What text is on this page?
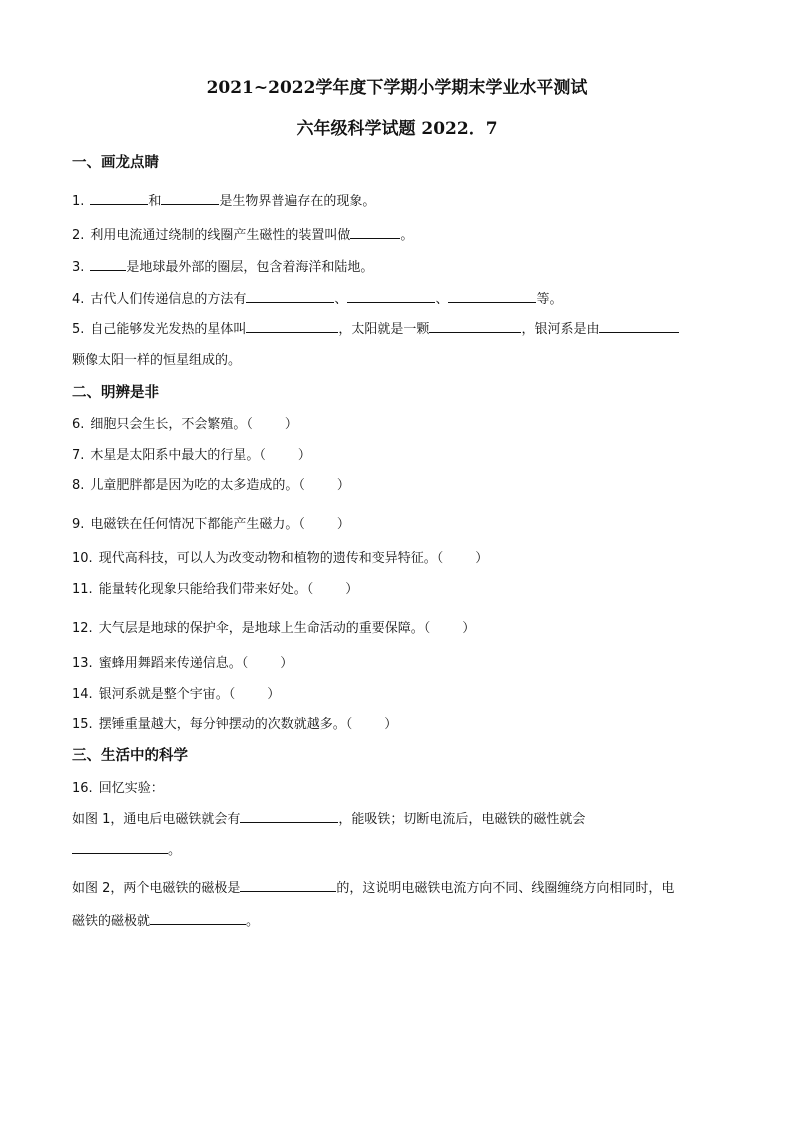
2021~2022学年度下学期小学期末学业水平测试
六年级科学试题 2022．7
一、画龙点睛
1.	和	是生物界普遍存在的现象。
2. 利用电流通过绕制的线圈产生磁性的装置叫做	。
3.	是地球最外部的圈层，包含着海洋和陆地。
4. 古代人们传递信息的方法有	、	、	等。
5. 自己能够发光发热的星体叫	，太阳就是一颗	，银河系是由
颗像太阳一样的恒星组成的。
二、明辨是非
6. 细胞只会生长，不会繁殖。（ ）
7. 木星是太阳系中最大的行星。（ ）
8. 儿童肥胖都是因为吃的太多造成的。（ ）
9. 电磁铁在任何情况下都能产生磁力。（ ）
10. 现代高科技，可以人为改变动物和植物的遗传和变异特征。（ ）
11. 能量转化现象只能给我们带来好处。（ ）
12. 大气层是地球的保护伞，是地球上生命活动的重要保障。（ ）
13. 蜜蜂用舞蹈来传递信息。（ ）
14. 银河系就是整个宇宙。（ ）
15. 摆锤重量越大，每分钟摆动的次数就越多。（ ）
三、生活中的科学
16. 回忆实验：
如图 1，通电后电磁铁就会有	，能吸铁；切断电流后，电磁铁的磁性就会
。
如图 2，两个电磁铁的磁极是	的，这说明电磁铁电流方向不同、线圈缠绕方向相同时，电
磁铁的磁极就	。
